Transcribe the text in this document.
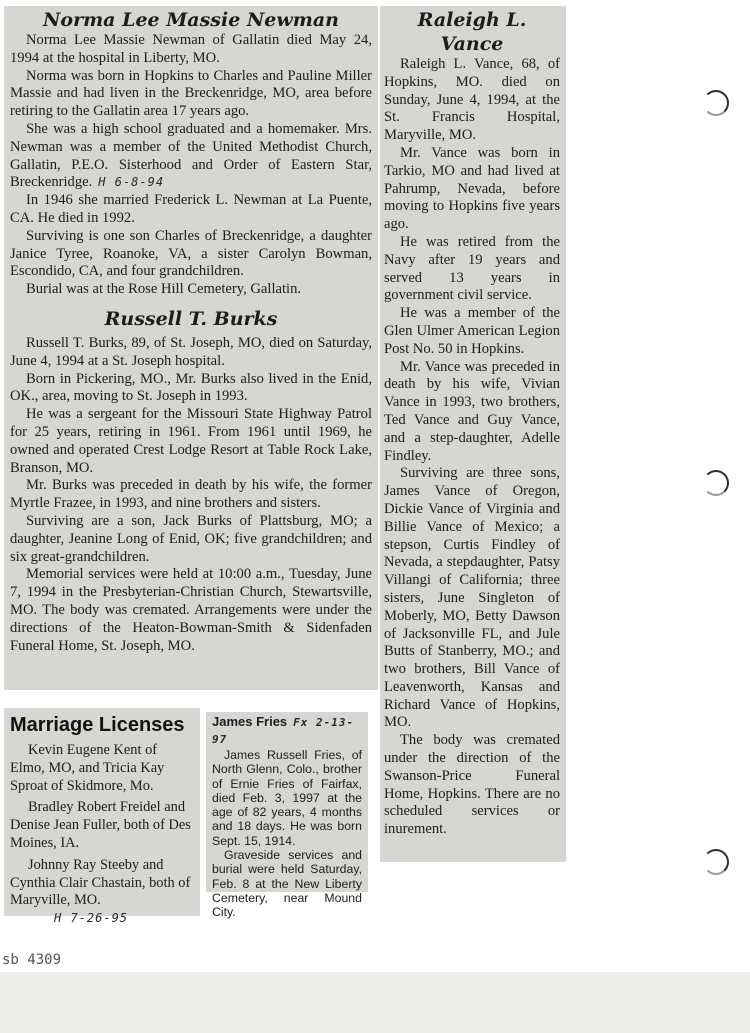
Norma Lee Massie Newman

Norma Lee Massie Newman of Gallatin died May 24, 1994 at the hospital in Liberty, MO.

Norma was born in Hopkins to Charles and Pauline Miller Massie and had liven in the Breckenridge, MO, area before retiring to the Gallatin area 17 years ago.

She was a high school graduated and a homemaker. Mrs. Newman was a member of the United Methodist Church, Gallatin, P.E.O. Sisterhood and Order of Eastern Star, Breckenridge. H 6-8-94

In 1946 she married Frederick L. Newman at La Puente, CA. He died in 1992.

Surviving is one son Charles of Breckenridge, a daughter Janice Tyree, Roanoke, VA, a sister Carolyn Bowman, Escondido, CA, and four grandchildren.

Burial was at the Rose Hill Cemetery, Gallatin.

Russell T. Burks

Russell T. Burks, 89, of St. Joseph, MO, died on Saturday, June 4, 1994 at a St. Joseph hospital.

Born in Pickering, MO., Mr. Burks also lived in the Enid, OK., area, moving to St. Joseph in 1993.

He was a sergeant for the Missouri State Highway Patrol for 25 years, retiring in 1961. From 1961 until 1969, he owned and operated Crest Lodge Resort at Table Rock Lake, Branson, MO.

Mr. Burks was preceded in death by his wife, the former Myrtle Frazee, in 1993, and nine brothers and sisters.

Surviving are a son, Jack Burks of Plattsburg, MO; a daughter, Jeanine Long of Enid, OK; five grandchildren; and six great-grandchildren.

Memorial services were held at 10:00 a.m., Tuesday, June 7, 1994 in the Presbyterian-Christian Church, Stewartsville, MO. The body was cremated. Arrangements were under the directions of the Heaton-Bowman-Smith & Sidenfaden Funeral Home, St. Joseph, MO.

Raleigh L. Vance

Raleigh L. Vance, 68, of Hopkins, MO. died on Sunday, June 4, 1994, at the St. Francis Hospital, Maryville, MO.

Mr. Vance was born in Tarkio, MO and had lived at Pahrump, Nevada, before moving to Hopkins five years ago.

He was retired from the Navy after 19 years and served 13 years in government civil service.

He was a member of the Glen Ulmer American Legion Post No. 50 in Hopkins.

Mr. Vance was preceded in death by his wife, Vivian Vance in 1993, two brothers, Ted Vance and Guy Vance, and a step-daughter, Adelle Findley.

Surviving are three sons, James Vance of Oregon, Dickie Vance of Virginia and Billie Vance of Mexico; a stepson, Curtis Findley of Nevada, a stepdaughter, Patsy Villangi of California; three sisters, June Singleton of Moberly, MO, Betty Dawson of Jacksonville FL, and Jule Butts of Stanberry, MO.; and two brothers, Bill Vance of Leavenworth, Kansas and Richard Vance of Hopkins, MO.

The body was cremated under the direction of the Swanson-Price Funeral Home, Hopkins. There are no scheduled services or inurement.

Marriage Licenses

Kevin Eugene Kent of Elmo, MO, and Tricia Kay Sproat of Skidmore, Mo.

Bradley Robert Freidel and Denise Jean Fuller, both of Des Moines, IA.

Johnny Ray Steeby and Cynthia Clair Chastain, both of Maryville, MO.

H 7-26-95
James Fries Fx 2-13-97

James Russell Fries, of North Glenn, Colo., brother of Ernie Fries of Fairfax, died Feb. 3, 1997 at the age of 82 years, 4 months and 18 days. He was born Sept. 15, 1914.

Graveside services and burial were held Saturday, Feb. 8 at the New Liberty Cemetery, near Mound City.

sb 4309
